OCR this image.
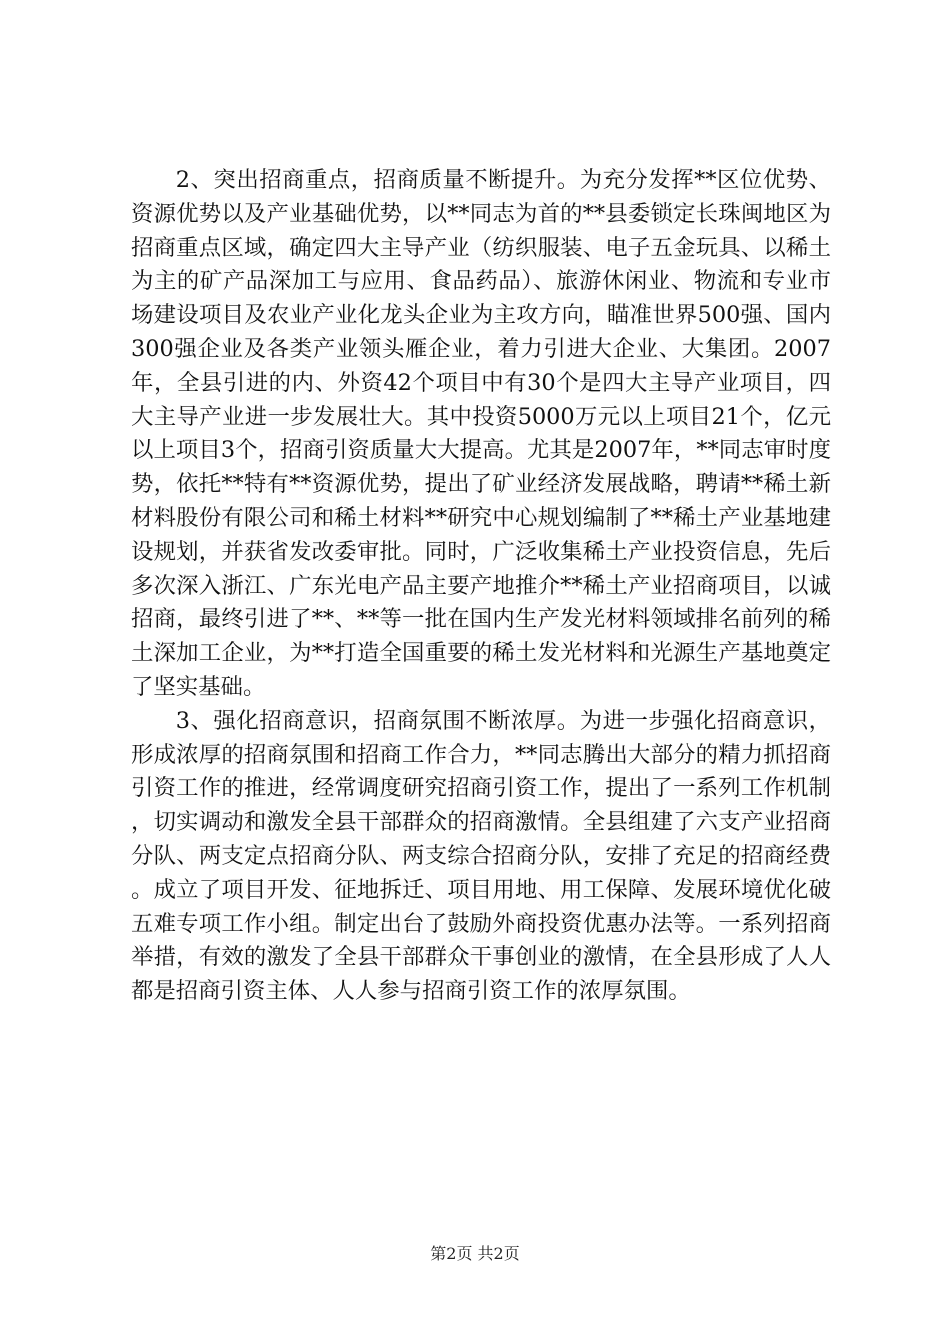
2、突出招商重点，招商质量不断提升。为充分发挥**区位优势、资源优势以及产业基础优势，以**同志为首的**县委锁定长珠闽地区为招商重点区域，确定四大主导产业（纺织服装、电子五金玩具、以稀土为主的矿产品深加工与应用、食品药品）、旅游休闲业、物流和专业市场建设项目及农业产业化龙头企业为主攻方向，瞄准世界500强、国内300强企业及各类产业领头雁企业，着力引进大企业、大集团。2007年，全县引进的内、外资42个项目中有30个是四大主导产业项目，四大主导产业进一步发展壮大。其中投资5000万元以上项目21个，亿元以上项目3个，招商引资质量大大提高。尤其是2007年，**同志审时度势，依托**特有**资源优势，提出了矿业经济发展战略，聘请**稀土新材料股份有限公司和稀土材料**研究中心规划编制了**稀土产业基地建设规划，并获省发改委审批。同时，广泛收集稀土产业投资信息，先后多次深入浙江、广东光电产品主要产地推介**稀土产业招商项目，以诚招商，最终引进了**、**等一批在国内生产发光材料领域排名前列的稀土深加工企业，为**打造全国重要的稀土发光材料和光源生产基地奠定了坚实基础。

3、强化招商意识，招商氛围不断浓厚。为进一步强化招商意识，形成浓厚的招商氛围和招商工作合力，**同志腾出大部分的精力抓招商引资工作的推进，经常调度研究招商引资工作，提出了一系列工作机制，切实调动和激发全县干部群众的招商激情。全县组建了六支产业招商分队、两支定点招商分队、两支综合招商分队，安排了充足的招商经费。成立了项目开发、征地拆迁、项目用地、用工保障、发展环境优化破五难专项工作小组。制定出台了鼓励外商投资优惠办法等。一系列招商举措，有效的激发了全县干部群众干事创业的激情，在全县形成了人人都是招商引资主体、人人参与招商引资工作的浓厚氛围。

第2页 共2页
